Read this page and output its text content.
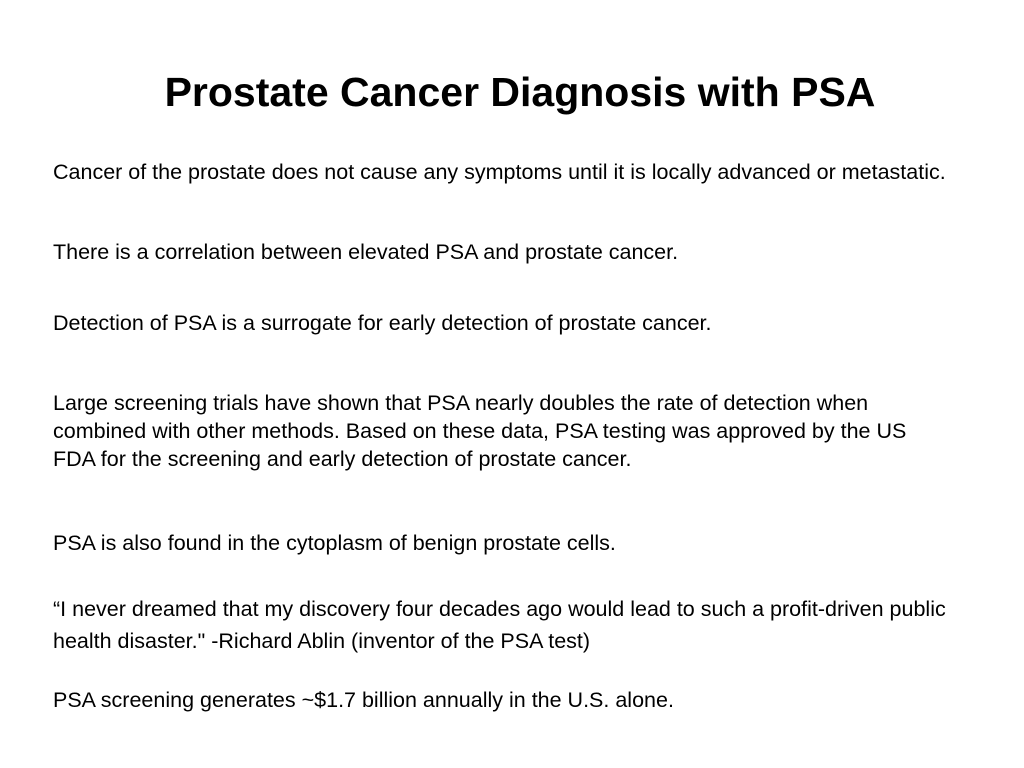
Prostate Cancer Diagnosis with PSA

Cancer of the prostate does not cause any symptoms until it is locally advanced or metastatic.

There is a correlation between elevated PSA and prostate cancer.

Detection of PSA is a surrogate for early detection of prostate cancer.

Large screening trials have shown that PSA nearly doubles the rate of detection when combined with other methods. Based on these data, PSA testing was approved by the US FDA for the screening and early detection of prostate cancer.

PSA is also found in the cytoplasm of benign prostate cells.

“I never dreamed that my discovery four decades ago would lead to such a profit-driven public health disaster." -Richard Ablin (inventor of the PSA test)

PSA screening generates ~$1.7 billion annually in the U.S. alone.
